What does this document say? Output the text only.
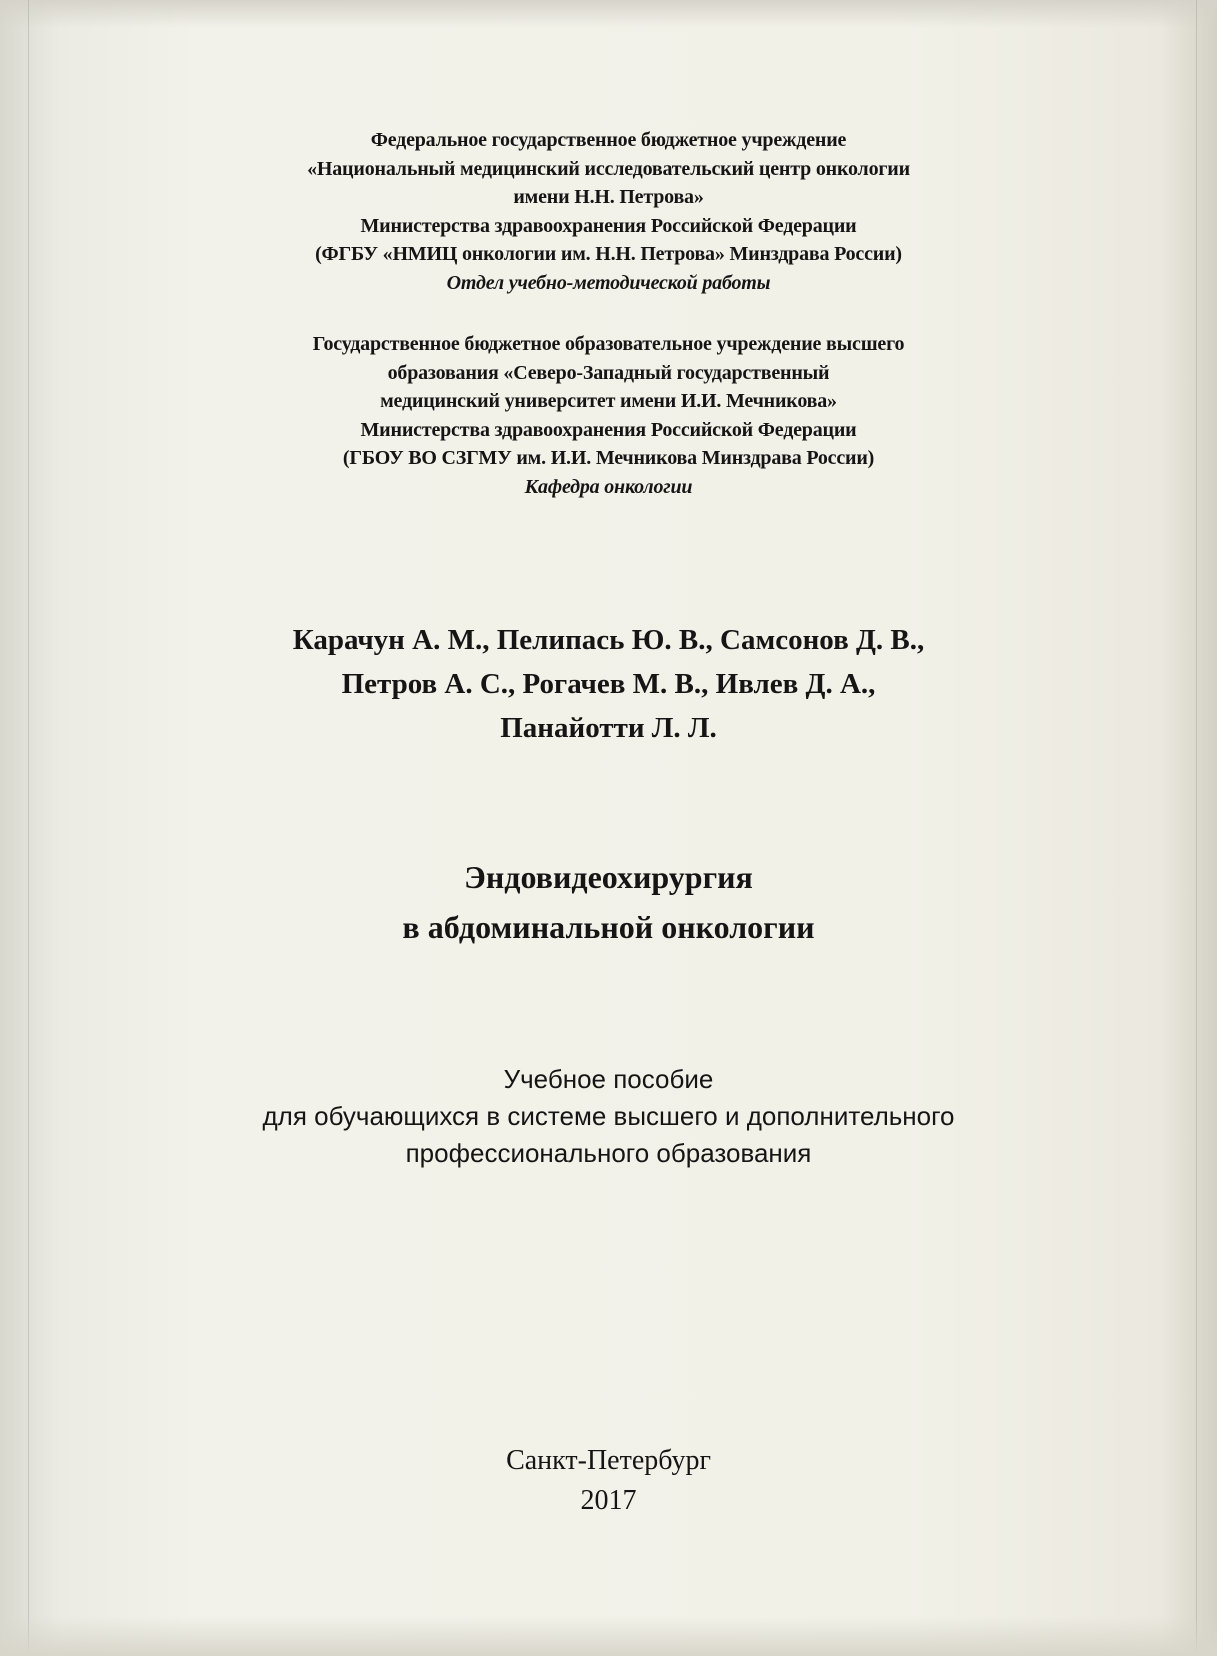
Федеральное государственное бюджетное учреждение
«Национальный медицинский исследовательский центр онкологии
имени Н.Н. Петрова»
Министерства здравоохранения Российской Федерации
(ФГБУ «НМИЦ онкологии им. Н.Н. Петрова» Минздрава России)
Отдел учебно-методической работы
Государственное бюджетное образовательное учреждение высшего
образования «Северо-Западный государственный
медицинский университет имени И.И. Мечникова»
Министерства здравоохранения Российской Федерации
(ГБОУ ВО СЗГМУ им. И.И. Мечникова Минздрава России)
Кафедра онкологии
Карачун А. М., Пелипась Ю. В., Самсонов Д. В.,
Петров А. С., Рогачев М. В., Ивлев Д. А.,
Панайотти Л. Л.
Эндовидеохирургия
в абдоминальной онкологии
Учебное пособие
для обучающихся в системе высшего и дополнительного
профессионального образования
Санкт-Петербург
2017
